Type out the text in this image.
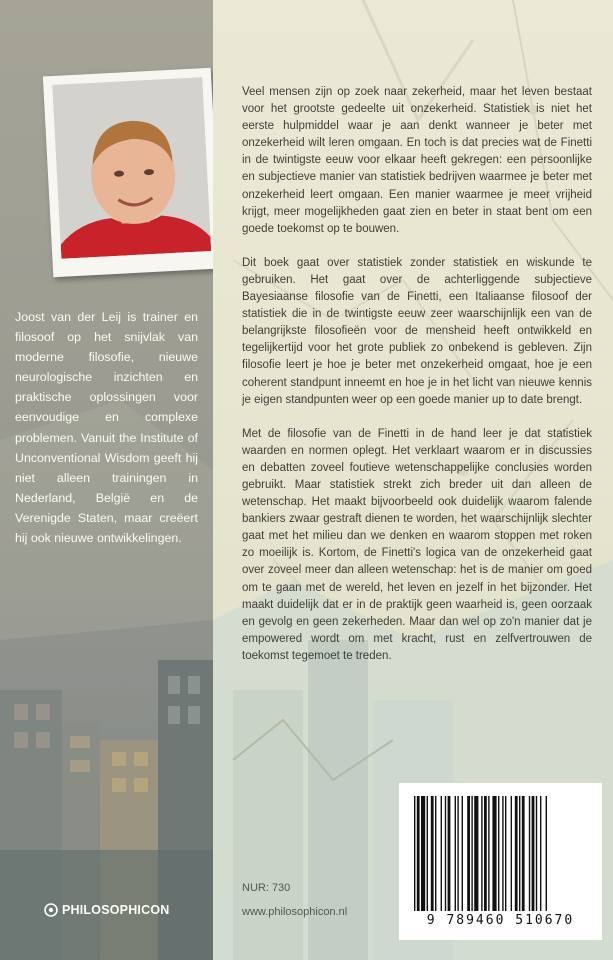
Joost van der Leij is trainer en filosoof op het snijvlak van moderne filosofie, nieuwe neurologische inzichten en praktische oplossingen voor eenvoudige en complexe problemen. Vanuit the Institute of Unconventional Wisdom geeft hij niet alleen trainingen in Nederland, België en de Verenigde Staten, maar creëert hij ook nieuwe ontwikkelingen.

PHILOSOPHICON

Veel mensen zijn op zoek naar zekerheid, maar het leven bestaat voor het grootste gedeelte uit onzekerheid. Statistiek is niet het eerste hulpmiddel waar je aan denkt wanneer je beter met onzekerheid wilt leren omgaan. En toch is dat precies wat de Finetti in de twintigste eeuw voor elkaar heeft gekregen: een persoonlijke en subjectieve manier van statistiek bedrijven waarmee je beter met onzekerheid leert omgaan. Een manier waarmee je meer vrijheid krijgt, meer mogelijkheden gaat zien en beter in staat bent om een goede toekomst op te bouwen.

Dit boek gaat over statistiek zonder statistiek en wiskunde te gebruiken. Het gaat over de achterliggende subjectieve Bayesiaanse filosofie van de Finetti, een Italiaanse filosoof der statistiek die in de twintigste eeuw zeer waarschijnlijk een van de belangrijkste filosofieën voor de mensheid heeft ontwikkeld en tegelijkertijd voor het grote publiek zo onbekend is gebleven. Zijn filosofie leert je hoe je beter met onzekerheid omgaat, hoe je een coherent standpunt inneemt en hoe je in het licht van nieuwe kennis je eigen standpunten weer op een goede manier up to date brengt.

Met de filosofie van de Finetti in de hand leer je dat statistiek waarden en normen oplegt. Het verklaart waarom er in discussies en debatten zoveel foutieve wetenschappelijke conclusies worden gebruikt. Maar statistiek strekt zich breder uit dan alleen de wetenschap. Het maakt bijvoorbeeld ook duidelijk waarom falende bankiers zwaar gestraft dienen te worden, het waarschijnlijk slechter gaat met het milieu dan we denken en waarom stoppen met roken zo moeilijk is. Kortom, de Finetti's logica van de onzekerheid gaat over zoveel meer dan alleen wetenschap: het is de manier om goed om te gaan met de wereld, het leven en jezelf in het bijzonder. Het maakt duidelijk dat er in de praktijk geen waarheid is, geen oorzaak en gevolg en geen zekerheden. Maar dan wel op zo'n manier dat je empowered wordt om met kracht, rust en zelfvertrouwen de toekomst tegemoet te treden.

NUR: 730
www.philosophicon.nl
9 789460 510670
